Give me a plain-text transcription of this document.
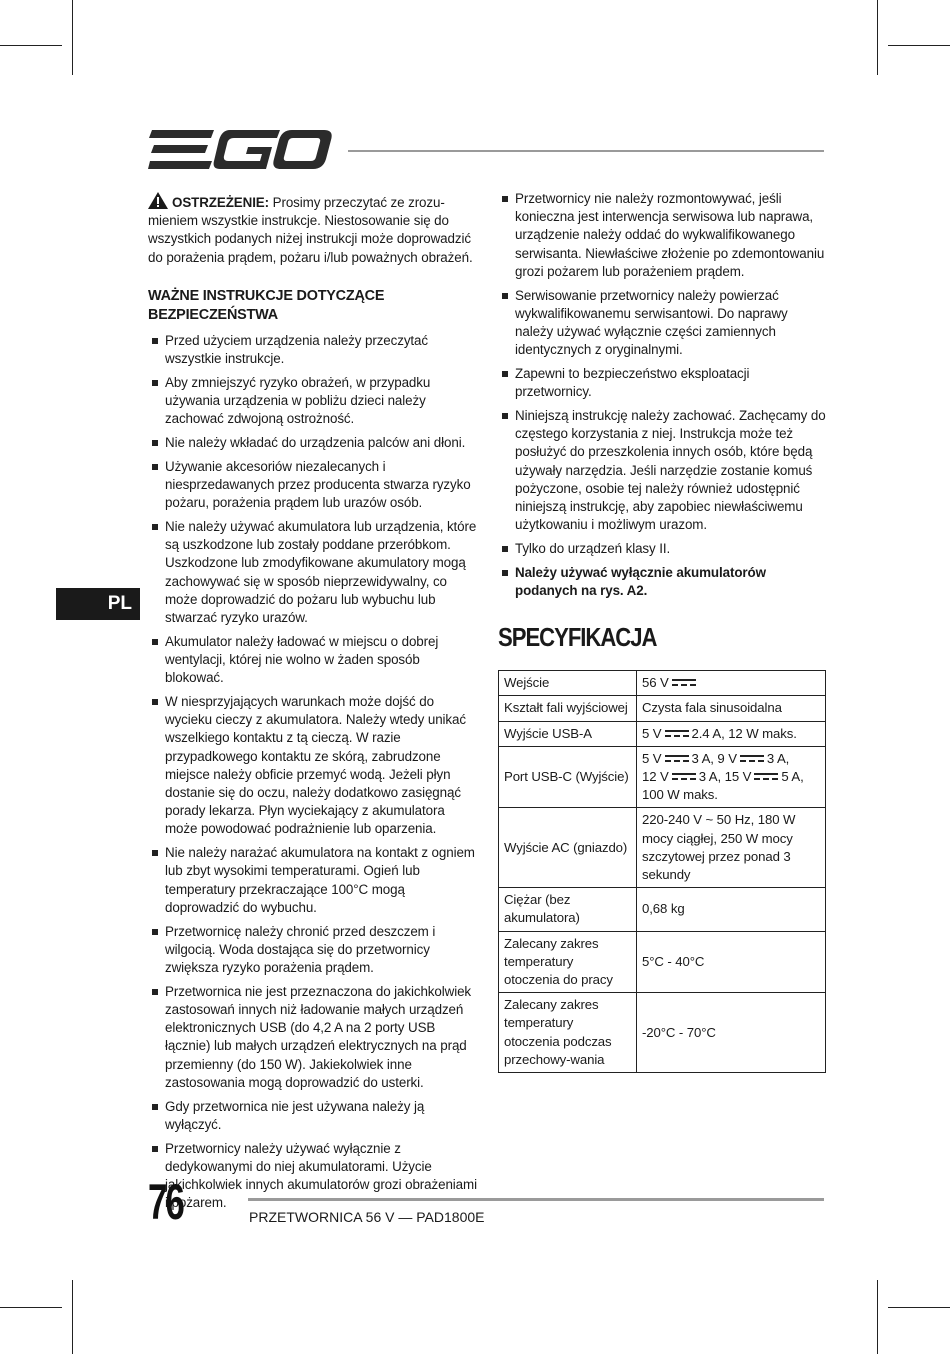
OSTRZEŻENIE: Prosimy przeczytać ze zrozu-mieniem wszystkie instrukcje. Niestosowanie się do wszystkich podanych niżej instrukcji może doprowadzić do porażenia prądem, pożaru i/lub poważnych obrażeń.

WAŻNE INSTRUKCJE DOTYCZĄCE BEZPIECZEŃSTWA
Przed użyciem urządzenia należy przeczytać wszystkie instrukcje.
Aby zmniejszyć ryzyko obrażeń, w przypadku używania urządzenia w pobliżu dzieci należy zachować zdwojoną ostrożność.
Nie należy wkładać do urządzenia palców ani dłoni.
Używanie akcesoriów niezalecanych i niesprzedawanych przez producenta stwarza ryzyko pożaru, porażenia prądem lub urazów osób.
Nie należy używać akumulatora lub urządzenia, które są uszkodzone lub zostały poddane przeróbkom. Uszkodzone lub zmodyfikowane akumulatory mogą zachowywać się w sposób nieprzewidywalny, co może doprowadzić do pożaru lub wybuchu lub stwarzać ryzyko urazów.
Akumulator należy ładować w miejscu o dobrej wentylacji, której nie wolno w żaden sposób blokować.
W niesprzyjających warunkach może dojść do wycieku cieczy z akumulatora. Należy wtedy unikać wszelkiego kontaktu z tą cieczą. W razie przypadkowego kontaktu ze skórą, zabrudzone miejsce należy obficie przemyć wodą. Jeżeli płyn dostanie się do oczu, należy dodatkowo zasięgnąć porady lekarza. Płyn wyciekający z akumulatora może powodować podrażnienie lub oparzenia.
Nie należy narażać akumulatora na kontakt z ogniem lub zbyt wysokimi temperaturami. Ogień lub temperatury przekraczające 100°C mogą doprowadzić do wybuchu.
Przetwornicę należy chronić przed deszczem i wilgocią. Woda dostająca się do przetwornicy zwiększa ryzyko porażenia prądem.
Przetwornica nie jest przeznaczona do jakichkolwiek zastosowań innych niż ładowanie małych urządzeń elektronicznych USB (do 4,2 A na 2 porty USB łącznie) lub małych urządzeń elektrycznych na prąd przemienny (do 150 W). Jakiekolwiek inne zastosowania mogą doprowadzić do usterki.
Gdy przetwornica nie jest używana należy ją wyłączyć.
Przetwornicy należy używać wyłącznie z dedykowanymi do niej akumulatorami. Użycie jakichkolwiek innych akumulatorów grozi obrażeniami i pożarem.
Przetwornicy nie należy rozmontowywać, jeśli konieczna jest interwencja serwisowa lub naprawa, urządzenie należy oddać do wykwalifikowanego serwisanta. Niewłaściwe złożenie po zdemontowaniu grozi pożarem lub porażeniem prądem.
Serwisowanie przetwornicy należy powierzać wykwalifikowanemu serwisantowi. Do naprawy należy używać wyłącznie części zamiennych identycznych z oryginalnymi.
Zapewni to bezpieczeństwo eksploatacji przetwornicy.
Niniejszą instrukcję należy zachować. Zachęcamy do częstego korzystania z niej. Instrukcja może też posłużyć do przeszkolenia innych osób, które będą używały narzędzia. Jeśli narzędzie zostanie komuś pożyczone, osobie tej należy również udostępnić niniejszą instrukcję, aby zapobiec niewłaściwemu użytkowaniu i możliwym urazom.
Tylko do urządzeń klasy II.
Należy używać wyłącznie akumulatorów podanych na rys. A2.
SPECYFIKACJA
Wejście	56 V
Kształt fali wyjściowej	Czysta fala sinusoidalna
Wyjście USB-A	5 V 2.4 A, 12 W maks.
Port USB-C (Wyjście)	5 V 3 A, 9 V 3 A,
12 V 3 A, 15 V 5 A,
100 W maks.
Wyjście AC (gniazdo)	220-240 V ~ 50 Hz, 180 W mocy ciągłej, 250 W mocy szczytowej przez ponad 3 sekundy
Ciężar (bez akumulatora)	0,68 kg
Zalecany zakres temperatury otoczenia do pracy	5°C - 40°C
Zalecany zakres temperatury otoczenia podczas przechowy-wania	-20°C - 70°C
PL
76	PRZETWORNICA 56 V — PAD1800E
